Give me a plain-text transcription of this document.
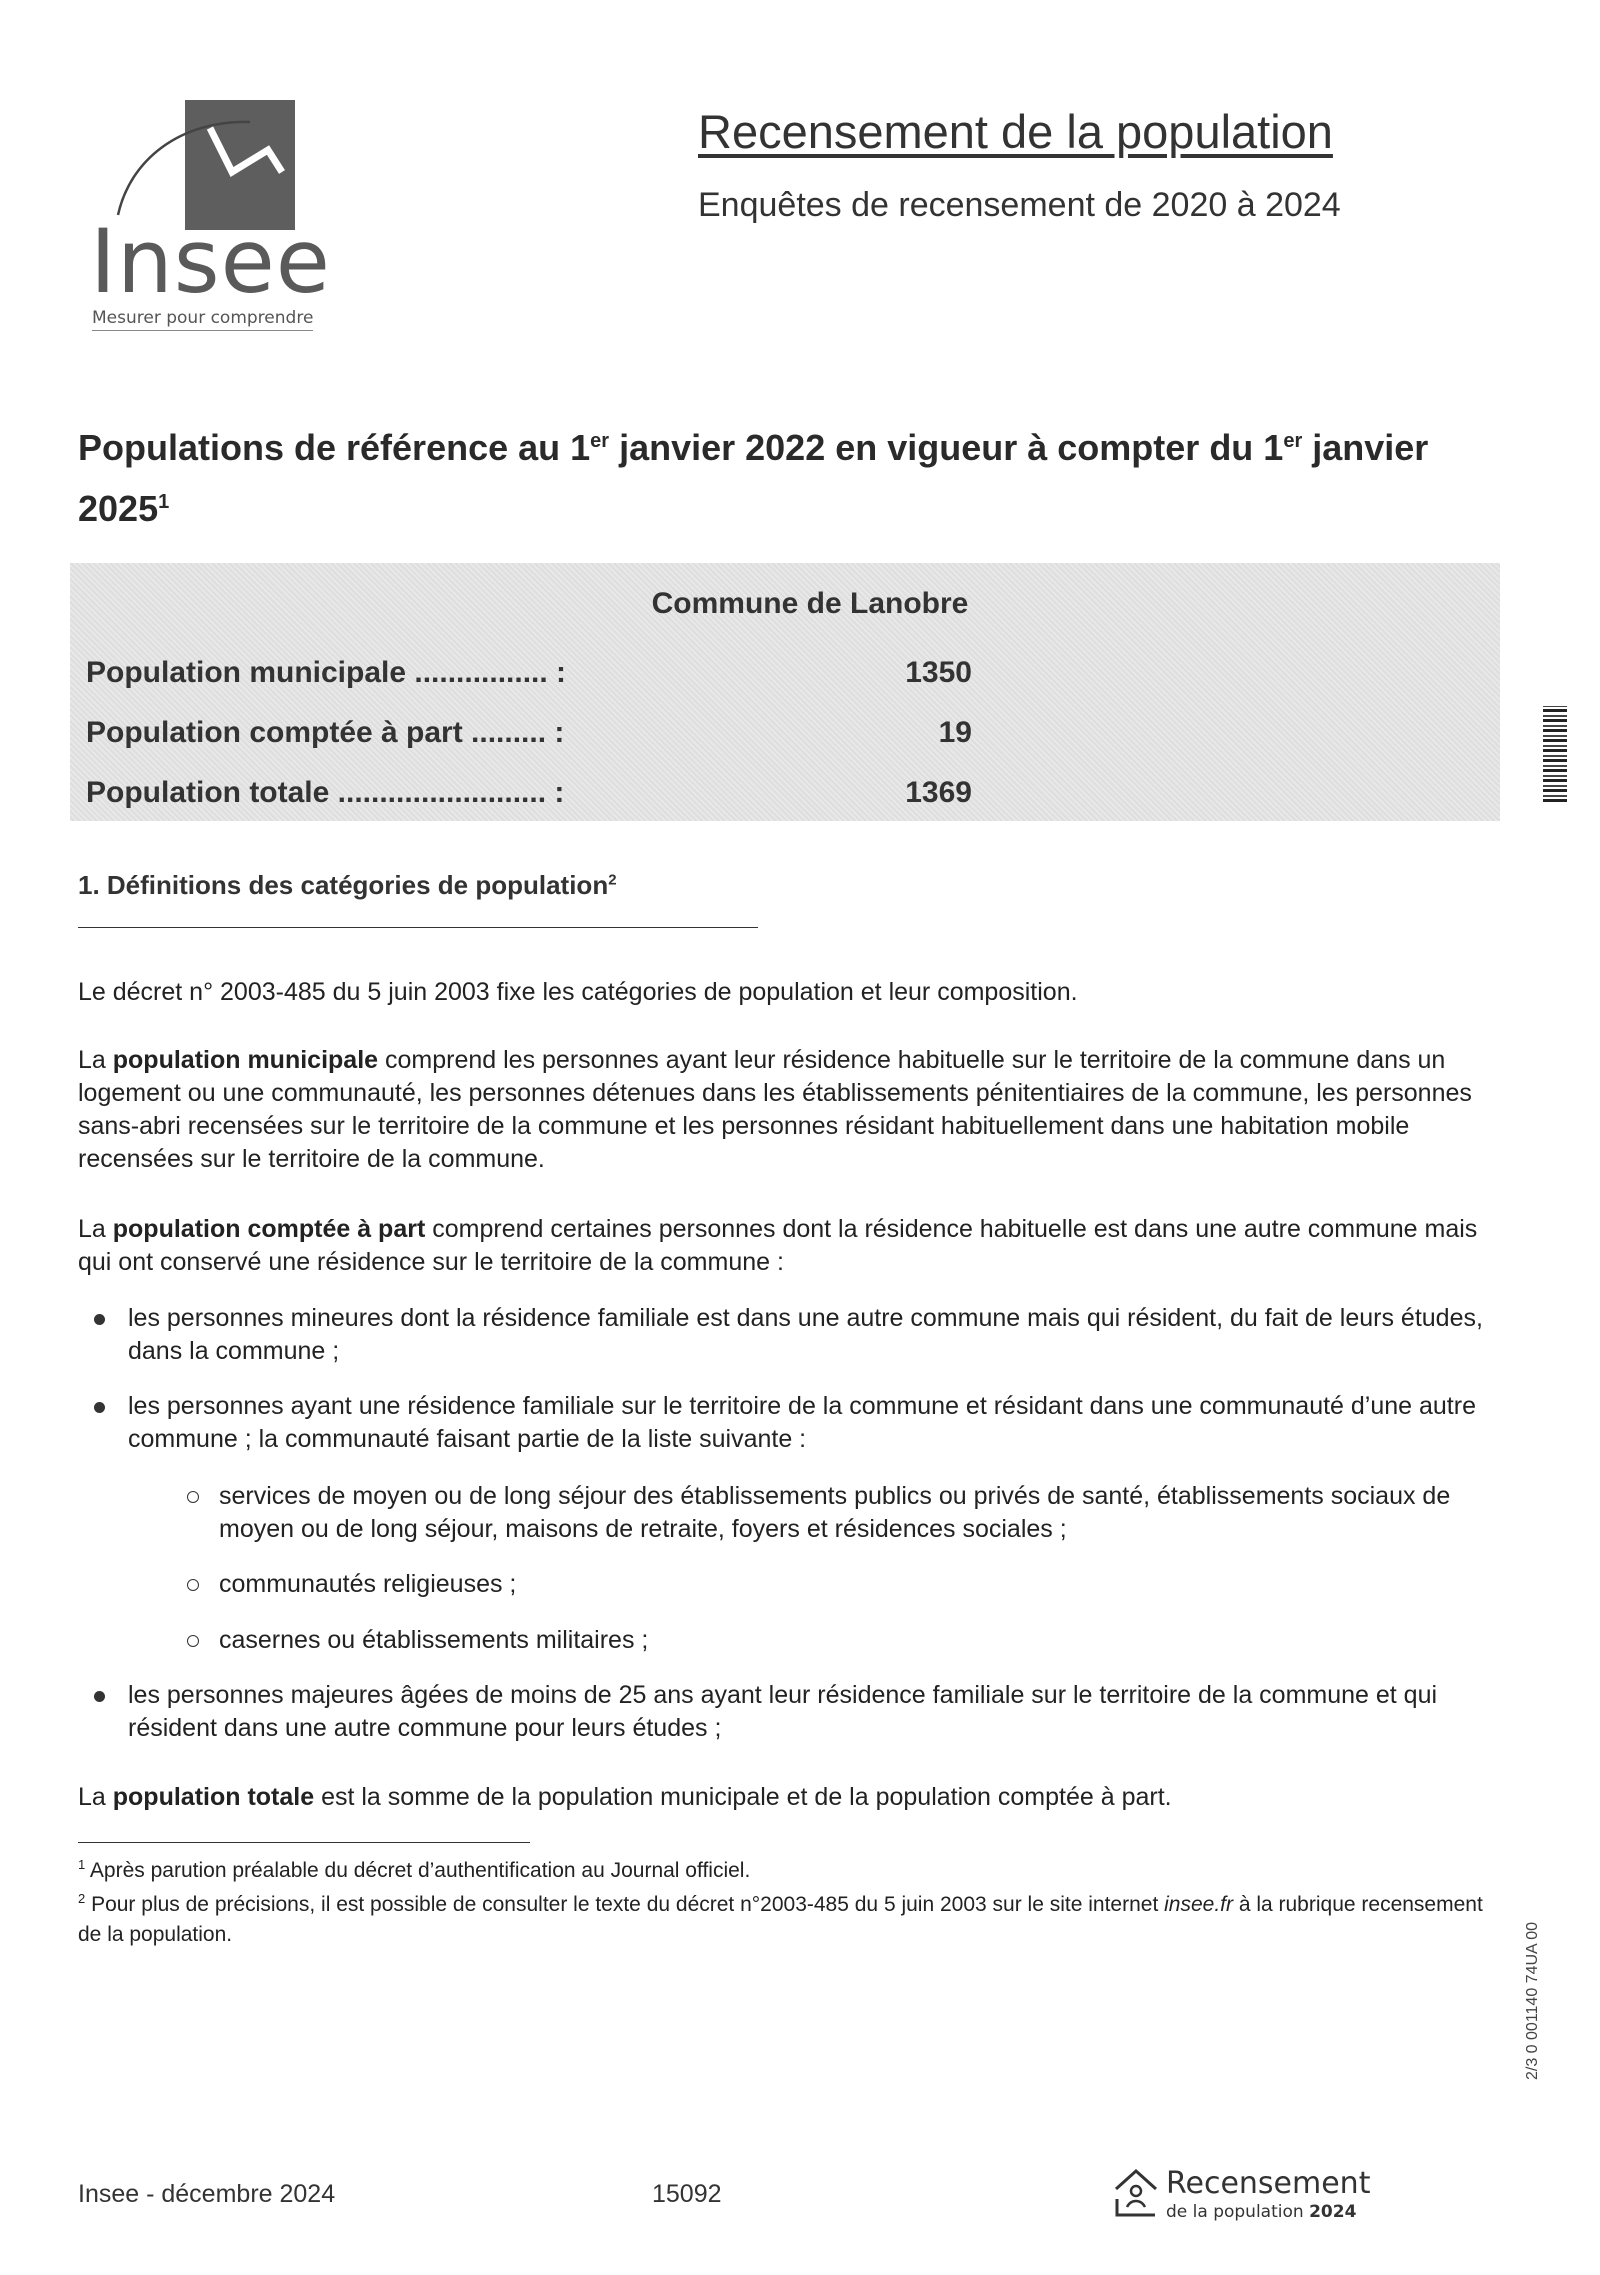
Insee
Mesurer pour comprendre
Recensement de la population
Enquêtes de recensement de 2020 à 2024
Populations de référence au 1er janvier 2022 en vigueur à compter du 1er janvier 2025$^1$
Commune de Lanobre
Population municipale ................ :	1350
Population comptée à part ......... :	19
Population totale ......................... :	1369
1. Définitions des catégories de population$^2$
Le décret n° 2003-485 du 5 juin 2003 fixe les catégories de population et leur composition.
La population municipale comprend les personnes ayant leur résidence habituelle sur le territoire de la commune dans un logement ou une communauté, les personnes détenues dans les établissements pénitentiaires de la commune, les personnes sans-abri recensées sur le territoire de la commune et les personnes résidant habituellement dans une habitation mobile recensées sur le territoire de la commune.
La population comptée à part comprend certaines personnes dont la résidence habituelle est dans une autre commune mais qui ont conservé une résidence sur le territoire de la commune :
les personnes mineures dont la résidence familiale est dans une autre commune mais qui résident, du fait de leurs études, dans la commune ;
les personnes ayant une résidence familiale sur le territoire de la commune et résidant dans une communauté d’une autre commune ; la communauté faisant partie de la liste suivante :
services de moyen ou de long séjour des établissements publics ou privés de santé, établissements sociaux de moyen ou de long séjour, maisons de retraite, foyers et résidences sociales ;
communautés religieuses ;
casernes ou établissements militaires ;
les personnes majeures âgées de moins de 25 ans ayant leur résidence familiale sur le territoire de la commune et qui résident dans une autre commune pour leurs études ;
La population totale est la somme de la population municipale et de la population comptée à part.
$^1$ Après parution préalable du décret d’authentification au Journal officiel.
$^2$ Pour plus de précisions, il est possible de consulter le texte du décret n°2003-485 du 5 juin 2003 sur le site internet insee.fr à la rubrique recensement de la population.
Insee - décembre 2024	15092	Recensement
de la population 2024
2/3 0 001140 74UA 00
